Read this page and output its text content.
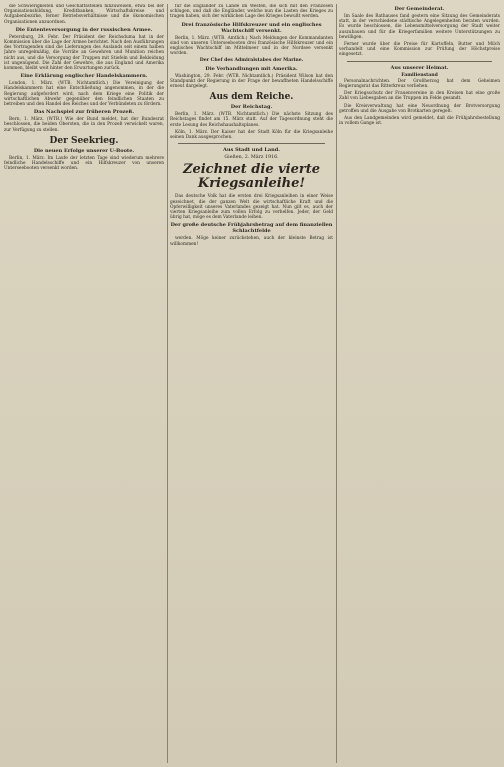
die Schwierigkeiten und Geschäftsstellen hinzuweisen, etwa bei der Organisationsbildung, Kreditbanken, Wirtschaftskreise und Aufgabenbezirke, ferner Betriebsverhältnisse und die ökonomischen Organisationen anzuordnen.

Die Ententeversorgung in der russischen Armee.

Petersburg, 29. Febr. Der Präsident der Reichsduma hat in der Kommission über die Lage der Armee berichtet. Nach den Ausführungen des Vortragenden sind die Lieferungen des Auslands seit einem halben Jahre unregelmäßig, die Vorräte an Gewehren und Munition reichen nicht aus, und die Versorgung der Truppen mit Stiefeln und Bekleidung ist ungenügend. Die Zahl der Gewehre, die aus England und Amerika kommen, bleibt weit hinter den Erwartungen zurück.

Eine Erklärung englischer Handelskammern.

London, 1. März. (WTB. Nichtamtlich.) Die Vereinigung der Handelskammern hat eine Entschließung angenommen, in der die Regierung aufgefordert wird, nach dem Kriege eine Politik der wirtschaftlichen Abwehr gegenüber den feindlichen Staaten zu betreiben und den Handel des Reiches und der Verbündeten zu fördern.

Das Nachspiel zur früheren Prozeß.

Bern, 1. März. (WTB.) Wie der Bund meldet, hat der Bundesrat beschlossen, die beiden Obersten, die in den Prozeß verwickelt waren, zur Verfügung zu stellen.

Der Seekrieg.
Die neuen Erfolge unserer U-Boote.

Berlin, 1. März. Im Laufe der letzten Tage sind wiederum mehrere feindliche Handelsschiffe und ein Hilfskreuzer von unseren Unterseebooten versenkt worden.

für die Engländer zu Lande im Westen, die sich mit den Franzosen schlugen, und daß die Engländer, welche nun die Lasten des Krieges zu tragen haben, sich der wirklichen Lage des Krieges bewußt werden.

Drei französische Hilfskreuzer und ein englisches Wachtschiff versenkt.

Berlin, 1. März. (WTB. Amtlich.) Nach Meldungen der Kommandanten sind von unseren Unterseebooten drei französische Hilfskreuzer und ein englisches Wachtschiff im Mittelmeer und in der Nordsee versenkt worden.

Der Chef des Admiralstabes der Marine.
Die Verhandlungen mit Amerika.

Washington, 29. Febr. (WTB. Nichtamtlich.) Präsident Wilson hat den Standpunkt der Regierung in der Frage der bewaffneten Handelsschiffe erneut dargelegt.

Aus dem Reiche.
Der Reichstag.

Berlin, 1. März. (WTB. Nichtamtlich.) Die nächste Sitzung des Reichstages findet am 15. März statt. Auf der Tagesordnung steht die erste Lesung des Reichshaushaltsplanes.

Köln, 1. März. Der Kaiser hat der Stadt Köln für die Kriegsanleihe seinen Dank ausgesprochen.

Aus Stadt und Land.
Gießen, 2. März 1916.
Zeichnet die vierte Kriegsanleihe!

Das deutsche Volk hat die ersten drei Kriegsanleihen in einer Weise gezeichnet, die der ganzen Welt die wirtschaftliche Kraft und die Opferwilligkeit unseres Vaterlandes gezeigt hat. Nun gilt es, auch der vierten Kriegsanleihe zum vollen Erfolg zu verhelfen. Jeder, der Geld übrig hat, möge es dem Vaterlande leihen.

Der große deutsche Frühjahrsbetrag auf dem finanziellen Schlachtfelde

werden. Möge keiner zurückstehen, auch der kleinste Betrag ist willkommen!

Der Gemeinderat.

Im Saale des Rathauses fand gestern eine Sitzung des Gemeinderats statt, in der verschiedene städtische Angelegenheiten beraten wurden. Es wurde beschlossen, die Lebensmittelversorgung der Stadt weiter auszubauen und für die Kriegerfamilien weitere Unterstützungen zu bewilligen.

Ferner wurde über die Preise für Kartoffeln, Butter und Milch verhandelt und eine Kommission zur Prüfung der Höchstpreise eingesetzt.

Aus unserer Heimat.
Familienstand

Personalnachrichten. Der Großherzog hat dem Geheimen Regierungsrat das Ritterkreuz verliehen.

Der Kriegsschutz der Frauenvereine in den Kreisen hat eine große Zahl von Liebesgaben an die Truppen im Felde gesandt.

Die Kreisverwaltung hat eine Neuordnung der Brotversorgung getroffen und die Ausgabe von Brotkarten geregelt.

Aus den Landgemeinden wird gemeldet, daß die Frühjahrsbestellung in vollem Gange ist.
